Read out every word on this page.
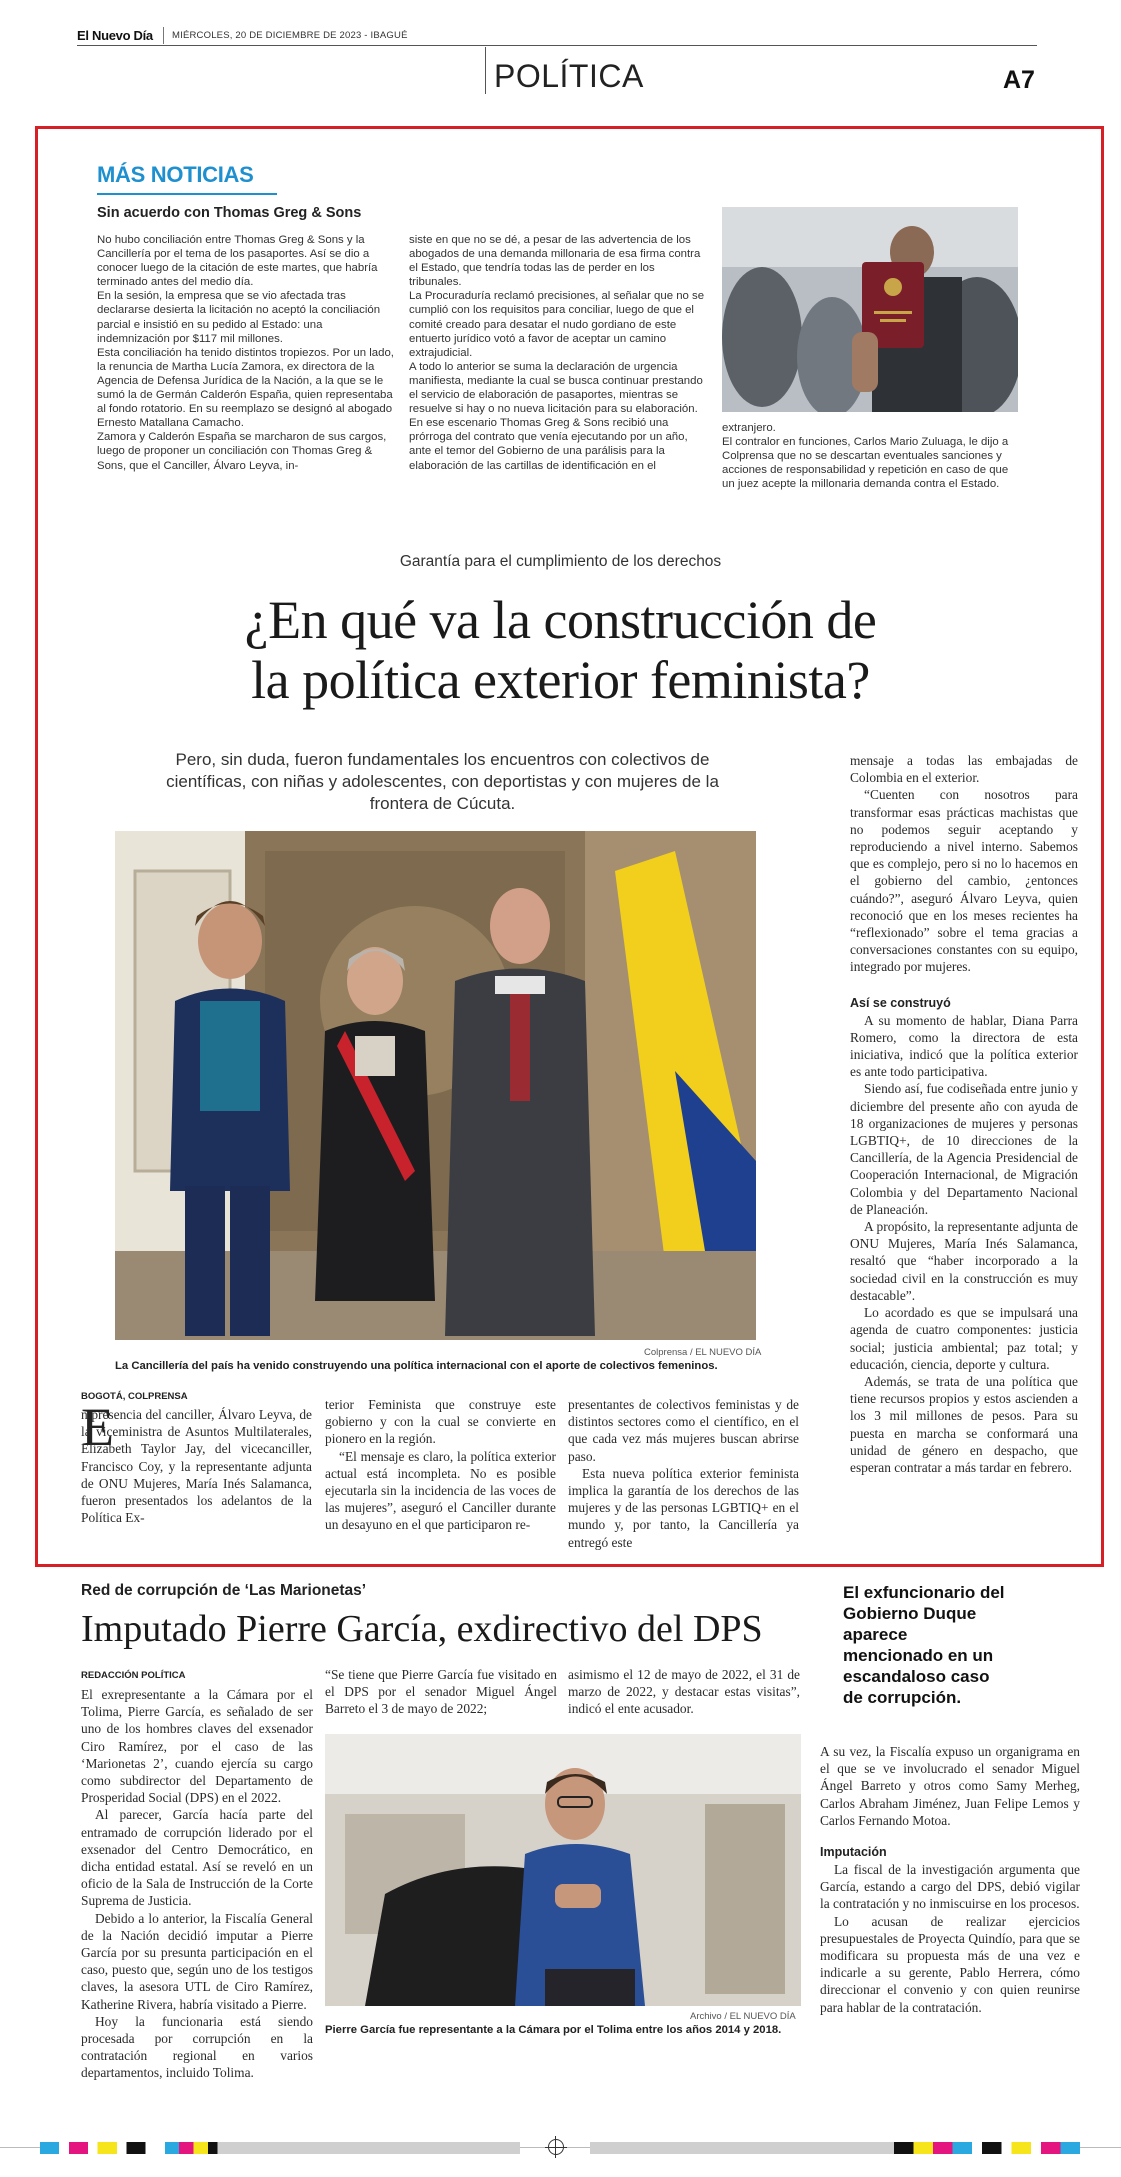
El Nuevo Día MIÉRCOLES, 20 DE DICIEMBRE DE 2023 - IBAGUÉ
POLÍTICA	A7
MÁS NOTICIAS
Sin acuerdo con Thomas Greg & Sons

No hubo conciliación entre Thomas Greg & Sons y la Cancillería por el tema de los pasaportes. Así se dio a conocer luego de la citación de este martes, que habría terminado antes del medio día.

En la sesión, la empresa que se vio afectada tras declararse desierta la licitación no aceptó la conciliación parcial e insistió en su pedido al Estado: una indemnización por $117 mil millones.

Esta conciliación ha tenido distintos tropiezos. Por un lado, la renuncia de Martha Lucía Zamora, ex directora de la Agencia de Defensa Jurídica de la Nación, a la que se le sumó la de Germán Calderón España, quien representaba al fondo rotatorio. En su reemplazo se designó al abogado Ernesto Matallana Camacho.

Zamora y Calderón España se marcharon de sus cargos, luego de proponer un conciliación con Thomas Greg & Sons, que el Canciller, Álvaro Leyva, in-

siste en que no se dé, a pesar de las advertencia de los abogados de una demanda millonaria de esa firma contra el Estado, que tendría todas las de perder en los tribunales.

La Procuraduría reclamó precisiones, al señalar que no se cumplió con los requisitos para conciliar, luego de que el comité creado para desatar el nudo gordiano de este entuerto jurídico votó a favor de aceptar un camino extrajudicial.

A todo lo anterior se suma la declaración de urgencia manifiesta, mediante la cual se busca continuar prestando el servicio de elaboración de pasaportes, mientras se resuelve si hay o no nueva licitación para su elaboración.

En ese escenario Thomas Greg & Sons recibió una prórroga del contrato que venía ejecutando por un año, ante el temor del Gobierno de una parálisis para la elaboración de las cartillas de identificación en el

extranjero.

El contralor en funciones, Carlos Mario Zuluaga, le dijo a Colprensa que no se descartan eventuales sanciones y acciones de responsabilidad y repetición en caso de que un juez acepte la millonaria demanda contra el Estado.

Garantía para el cumplimiento de los derechos
¿En qué va la construcción de
la política exterior feminista?
Pero, sin duda, fueron fundamentales los encuentros con colectivos de científicas, con niñas y adolescentes, con deportistas y con mujeres de la frontera de Cúcuta.
Colprensa / EL NUEVO DÍA
La Cancillería del país ha venido construyendo una política internacional con el aporte de colectivos femeninos.
BOGOTÁ, COLPRENSA
E

n presencia del canciller, Álvaro Leyva, de la viceministra de Asuntos Multilaterales, Elizabeth Taylor Jay, del vicecanciller, Francisco Coy, y la representante adjunta de ONU Mujeres, María Inés Salamanca, fueron presentados los adelantos de la Política Ex-

terior Feminista que construye este gobierno y con la cual se convierte en pionero en la región.

“El mensaje es claro, la política exterior actual está incompleta. No es posible ejecutarla sin la incidencia de las voces de las mujeres”, aseguró el Canciller durante un desayuno en el que participaron re-

presentantes de colectivos feministas y de distintos sectores como el científico, en el que cada vez más mujeres buscan abrirse paso.

Esta nueva política exterior feminista implica la garantía de los derechos de las mujeres y de las personas LGBTIQ+ en el mundo y, por tanto, la Cancillería ya entregó este

mensaje a todas las embajadas de Colombia en el exterior.

“Cuenten con nosotros para transformar esas prácticas machistas que no podemos seguir aceptando y reproduciendo a nivel interno. Sabemos que es complejo, pero si no lo hacemos en el gobierno del cambio, ¿entonces cuándo?”, aseguró Álvaro Leyva, quien reconoció que en los meses recientes ha “reflexionado” sobre el tema gracias a conversaciones constantes con su equipo, integrado por mujeres.

Así se construyó

A su momento de hablar, Diana Parra Romero, como la directora de esta iniciativa, indicó que la política exterior es ante todo participativa.

Siendo así, fue codiseñada entre junio y diciembre del presente año con ayuda de 18 organizaciones de mujeres y personas LGBTIQ+, de 10 direcciones de la Cancillería, de la Agencia Presidencial de Cooperación Internacional, de Migración Colombia y del Departamento Nacional de Planeación.

A propósito, la representante adjunta de ONU Mujeres, María Inés Salamanca, resaltó que “haber incorporado a la sociedad civil en la construcción es muy destacable”.

Lo acordado es que se impulsará una agenda de cuatro componentes: justicia social; justicia ambiental; paz total; y educación, ciencia, deporte y cultura.

Además, se trata de una política que tiene recursos propios y estos ascienden a los 3 mil millones de pesos. Para su puesta en marcha se conformará una unidad de género en despacho, que esperan contratar a más tardar en febrero.

Red de corrupción de ‘Las Marionetas’
Imputado Pierre García, exdirectivo del DPS
El exfuncionario del Gobierno Duque aparece mencionado en un escandaloso caso de corrupción.
REDACCIÓN POLÍTICA

El exrepresentante a la Cámara por el Tolima, Pierre García, es señalado de ser uno de los hombres claves del exsenador Ciro Ramírez, por el caso de las ‘Marionetas 2’, cuando ejercía su cargo como subdirector del Departamento de Prosperidad Social (DPS) en el 2022.

Al parecer, García hacía parte del entramado de corrupción liderado por el exsenador del Centro Democrático, en dicha entidad estatal. Así se reveló en un oficio de la Sala de Instrucción de la Corte Suprema de Justicia.

Debido a lo anterior, la Fiscalía General de la Nación decidió imputar a Pierre García por su presunta participación en el caso, puesto que, según uno de los testigos claves, la asesora UTL de Ciro Ramírez, Katherine Rivera, habría visitado a Pierre.

Hoy la funcionaria está siendo procesada por corrupción en la contratación regional en varios departamentos, incluido Tolima.

“Se tiene que Pierre García fue visitado en el DPS por el senador Miguel Ángel Barreto el 3 de mayo de 2022;

asimismo el 12 de mayo de 2022, el 31 de marzo de 2022, y destacar estas visitas”, indicó el ente acusador.

Archivo / EL NUEVO DÍA
Pierre García fue representante a la Cámara por el Tolima entre los años 2014 y 2018.

A su vez, la Fiscalía expuso un organigrama en el que se ve involucrado el senador Miguel Ángel Barreto y otros como Samy Merheg, Carlos Abraham Jiménez, Juan Felipe Lemos y Carlos Fernando Motoa.

Imputación

La fiscal de la investigación argumenta que García, estando a cargo del DPS, debió vigilar la contratación y no inmiscuirse en los procesos.

Lo acusan de realizar ejercicios presupuestales de Proyecta Quindío, para que se modificara su propuesta más de una vez e indicarle a su gerente, Pablo Herrera, cómo direccionar el convenio y con quien reunirse para hablar de la contratación.
